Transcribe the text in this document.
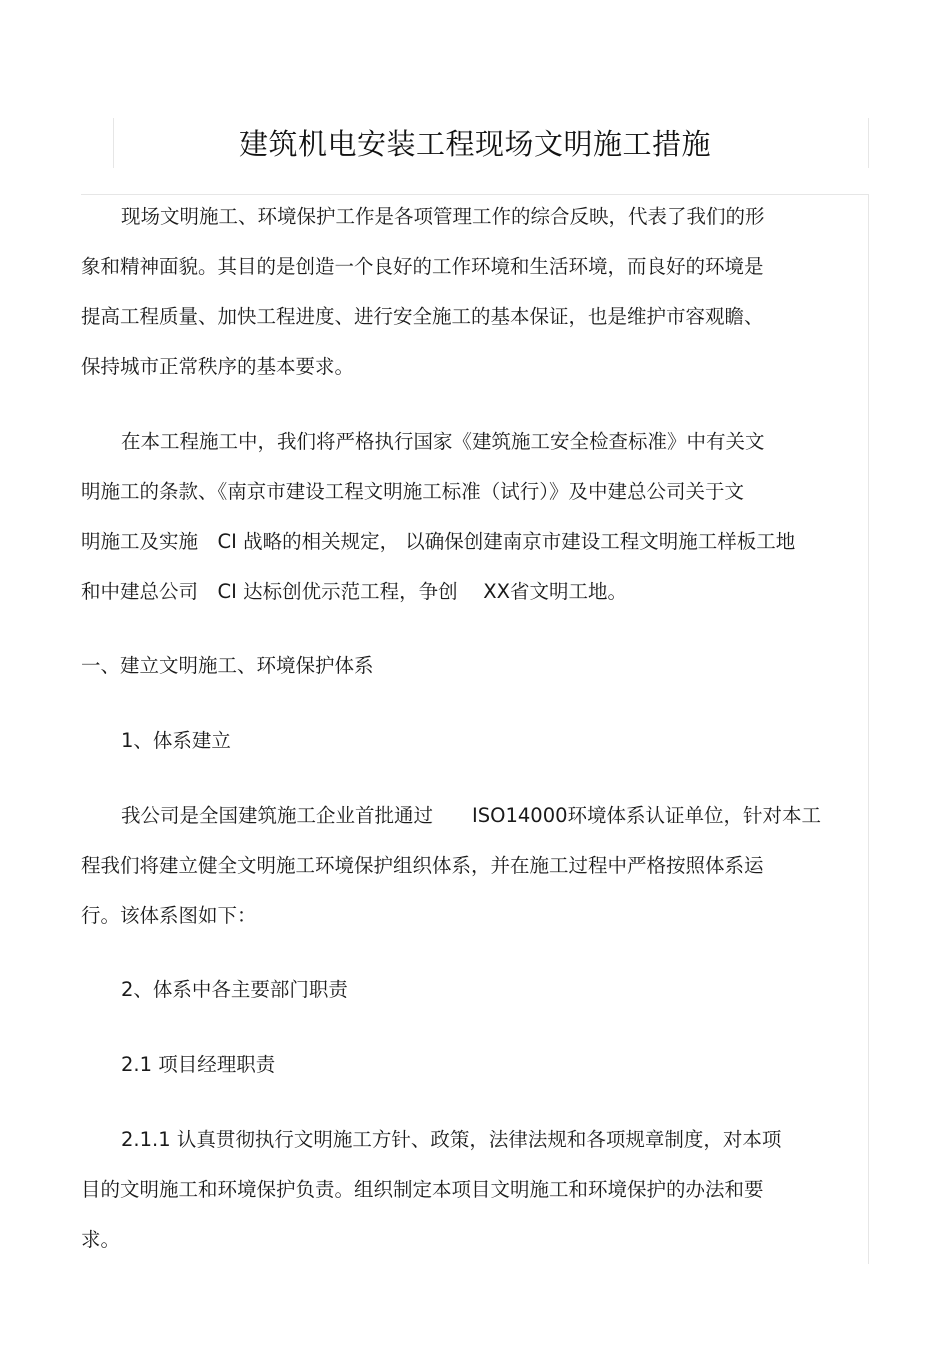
建筑机电安装工程现场文明施工措施
现场文明施工、环境保护工作是各项管理工作的综合反映，代表了我们的形
象和精神面貌。其目的是创造一个良好的工作环境和生活环境，而良好的环境是
提高工程质量、加快工程进度、进行安全施工的基本保证，也是维护市容观瞻、
保持城市正常秩序的基本要求。
在本工程施工中，我们将严格执行国家《建筑施工安全检查标准》中有关文
明施工的条款、《南京市建设工程文明施工标准（试行）》及中建总公司关于文
明施工及实施　CI 战略的相关规定， 以确保创建南京市建设工程文明施工样板工地
和中建总公司　CI 达标创优示范工程，争创　 XX省文明工地。
一、建立文明施工、环境保护体系
1、体系建立
我公司是全国建筑施工企业首批通过　　ISO14000环境体系认证单位，针对本工
程我们将建立健全文明施工环境保护组织体系，并在施工过程中严格按照体系运
行。该体系图如下：
2、体系中各主要部门职责
2.1 项目经理职责
2.1.1 认真贯彻执行文明施工方针、政策，法律法规和各项规章制度，对本项
目的文明施工和环境保护负责。组织制定本项目文明施工和环境保护的办法和要
求。
